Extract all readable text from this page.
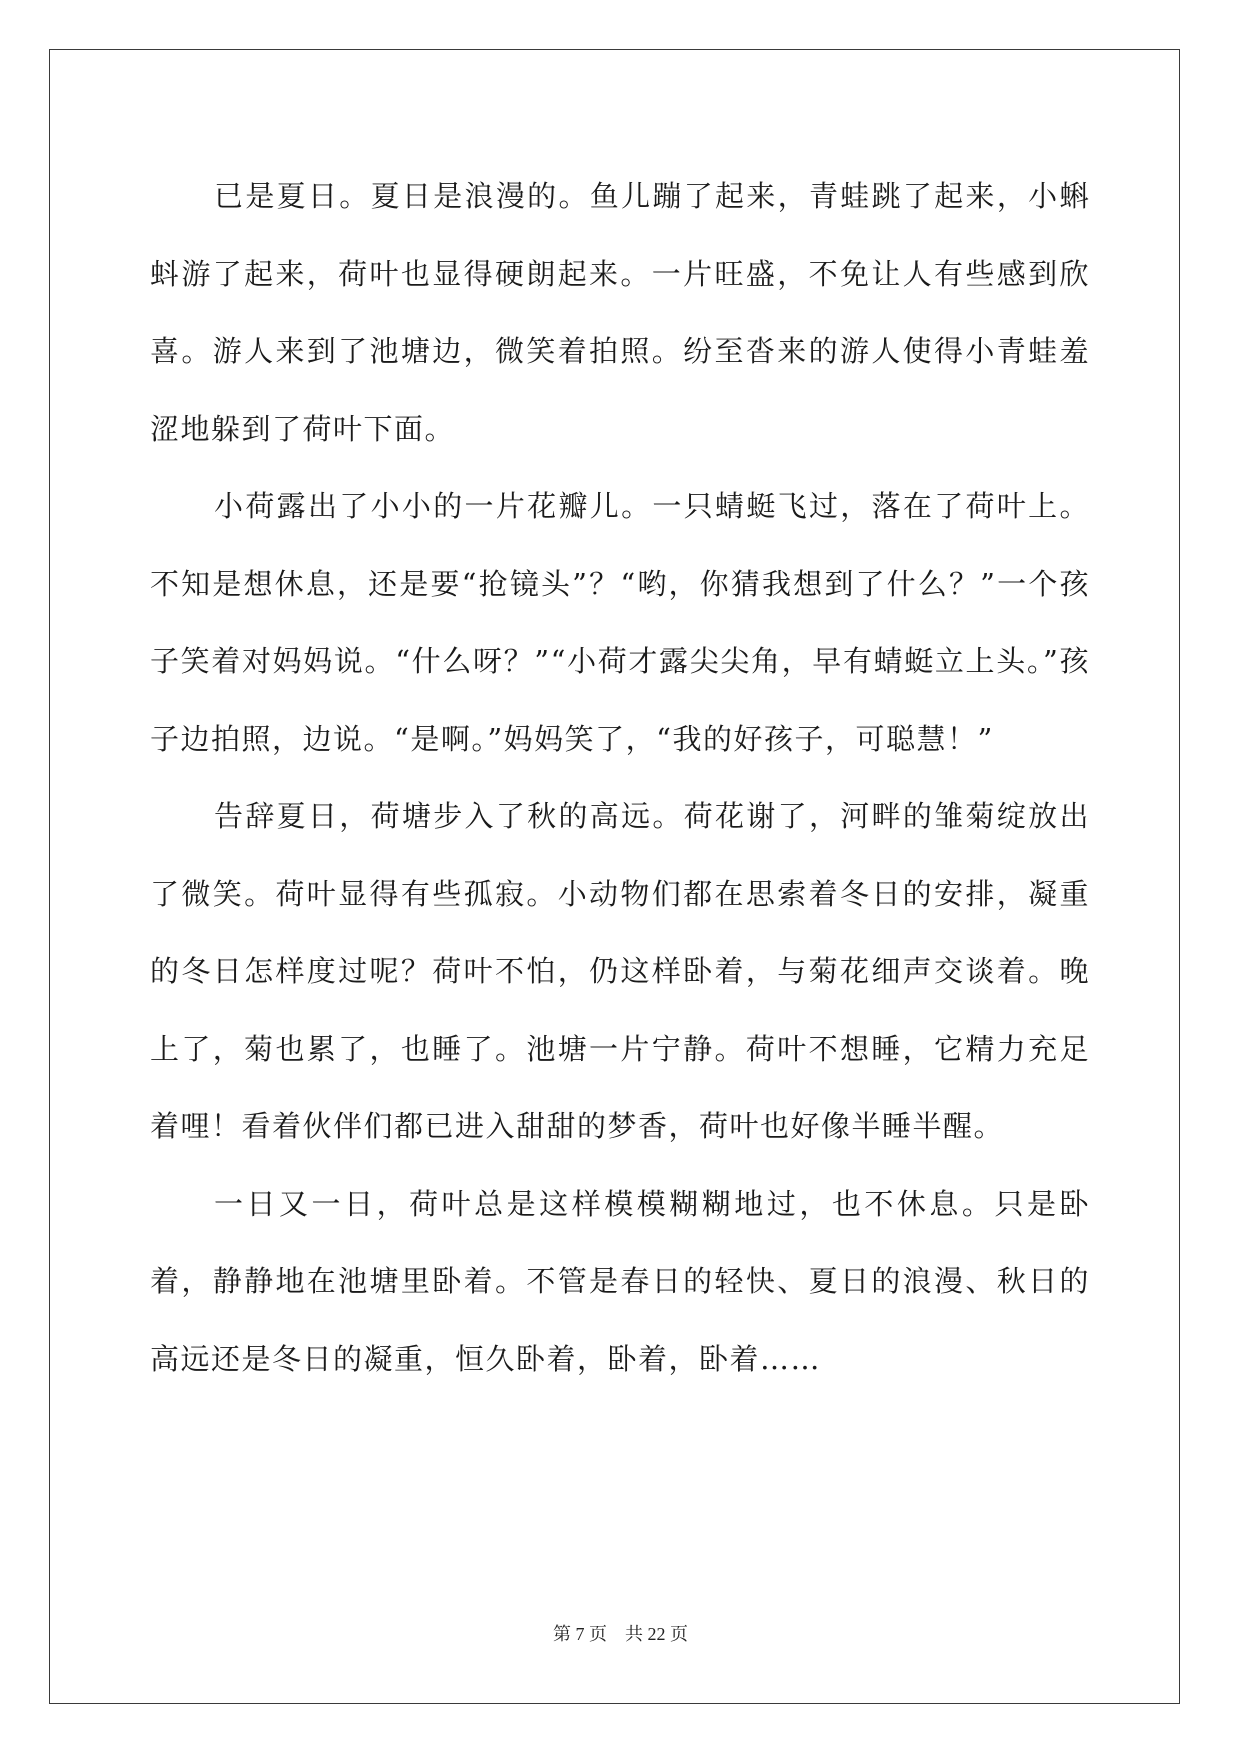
已是夏日。夏日是浪漫的。鱼儿蹦了起来，青蛙跳了起来，小蝌蚪游了起来，荷叶也显得硬朗起来。一片旺盛，不免让人有些感到欣喜。游人来到了池塘边，微笑着拍照。纷至沓来的游人使得小青蛙羞涩地躲到了荷叶下面。

小荷露出了小小的一片花瓣儿。一只蜻蜓飞过，落在了荷叶上。不知是想休息，还是要“抢镜头”？“哟，你猜我想到了什么？”一个孩子笑着对妈妈说。“什么呀？”“小荷才露尖尖角，早有蜻蜓立上头。”孩子边拍照，边说。“是啊。”妈妈笑了，“我的好孩子，可聪慧！”

告辞夏日，荷塘步入了秋的高远。荷花谢了，河畔的雏菊绽放出了微笑。荷叶显得有些孤寂。小动物们都在思索着冬日的安排，凝重的冬日怎样度过呢？荷叶不怕，仍这样卧着，与菊花细声交谈着。晚上了，菊也累了，也睡了。池塘一片宁静。荷叶不想睡，它精力充足着哩！看着伙伴们都已进入甜甜的梦香，荷叶也好像半睡半醒。

一日又一日，荷叶总是这样模模糊糊地过，也不休息。只是卧着，静静地在池塘里卧着。不管是春日的轻快、夏日的浪漫、秋日的高远还是冬日的凝重，恒久卧着，卧着，卧着……

第 7 页 共 22 页
